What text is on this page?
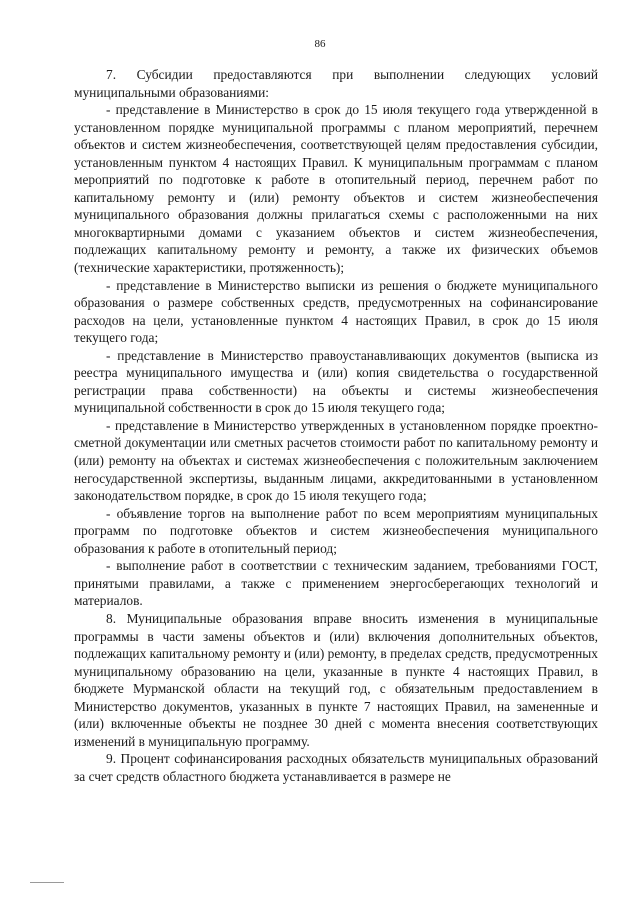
86

7. Субсидии предоставляются при выполнении следующих условий муниципальными образованиями:

- представление в Министерство в срок до 15 июля текущего года утвержденной в установленном порядке муниципальной программы с планом мероприятий, перечнем объектов и систем жизнеобеспечения, соответствующей целям предоставления субсидии, установленным пунктом 4 настоящих Правил. К муниципальным программам с планом мероприятий по подготовке к работе в отопительный период, перечнем работ по капитальному ремонту и (или) ремонту объектов и систем жизнеобеспечения муниципального образования должны прилагаться схемы с расположенными на них многоквартирными домами с указанием объектов и систем жизнеобеспечения, подлежащих капитальному ремонту и ремонту, а также их физических объемов (технические характеристики, протяженность);

- представление в Министерство выписки из решения о бюджете муниципального образования о размере собственных средств, предусмотренных на софинансирование расходов на цели, установленные пунктом 4 настоящих Правил, в срок до 15 июля текущего года;

- представление в Министерство правоустанавливающих документов (выписка из реестра муниципального имущества и (или) копия свидетельства о государственной регистрации права собственности) на объекты и системы жизнеобеспечения муниципальной собственности в срок до 15 июля текущего года;

- представление в Министерство утвержденных в установленном порядке проектно-сметной документации или сметных расчетов стоимости работ по капитальному ремонту и (или) ремонту на объектах и системах жизнеобеспечения с положительным заключением негосударственной экспертизы, выданным лицами, аккредитованными в установленном законодательством порядке, в срок до 15 июля текущего года;

- объявление торгов на выполнение работ по всем мероприятиям муниципальных программ по подготовке объектов и систем жизнеобеспечения муниципального образования к работе в отопительный период;

- выполнение работ в соответствии с техническим заданием, требованиями ГОСТ, принятыми правилами, а также с применением энергосберегающих технологий и материалов.

8. Муниципальные образования вправе вносить изменения в муниципальные программы в части замены объектов и (или) включения дополнительных объектов, подлежащих капитальному ремонту и (или) ремонту, в пределах средств, предусмотренных муниципальному образованию на цели, указанные в пункте 4 настоящих Правил, в бюджете Мурманской области на текущий год, с обязательным предоставлением в Министерство документов, указанных в пункте 7 настоящих Правил, на замененные и (или) включенные объекты не позднее 30 дней с момента внесения соответствующих изменений в муниципальную программу.

9. Процент софинансирования расходных обязательств муниципальных образований за счет средств областного бюджета устанавливается в размере не
